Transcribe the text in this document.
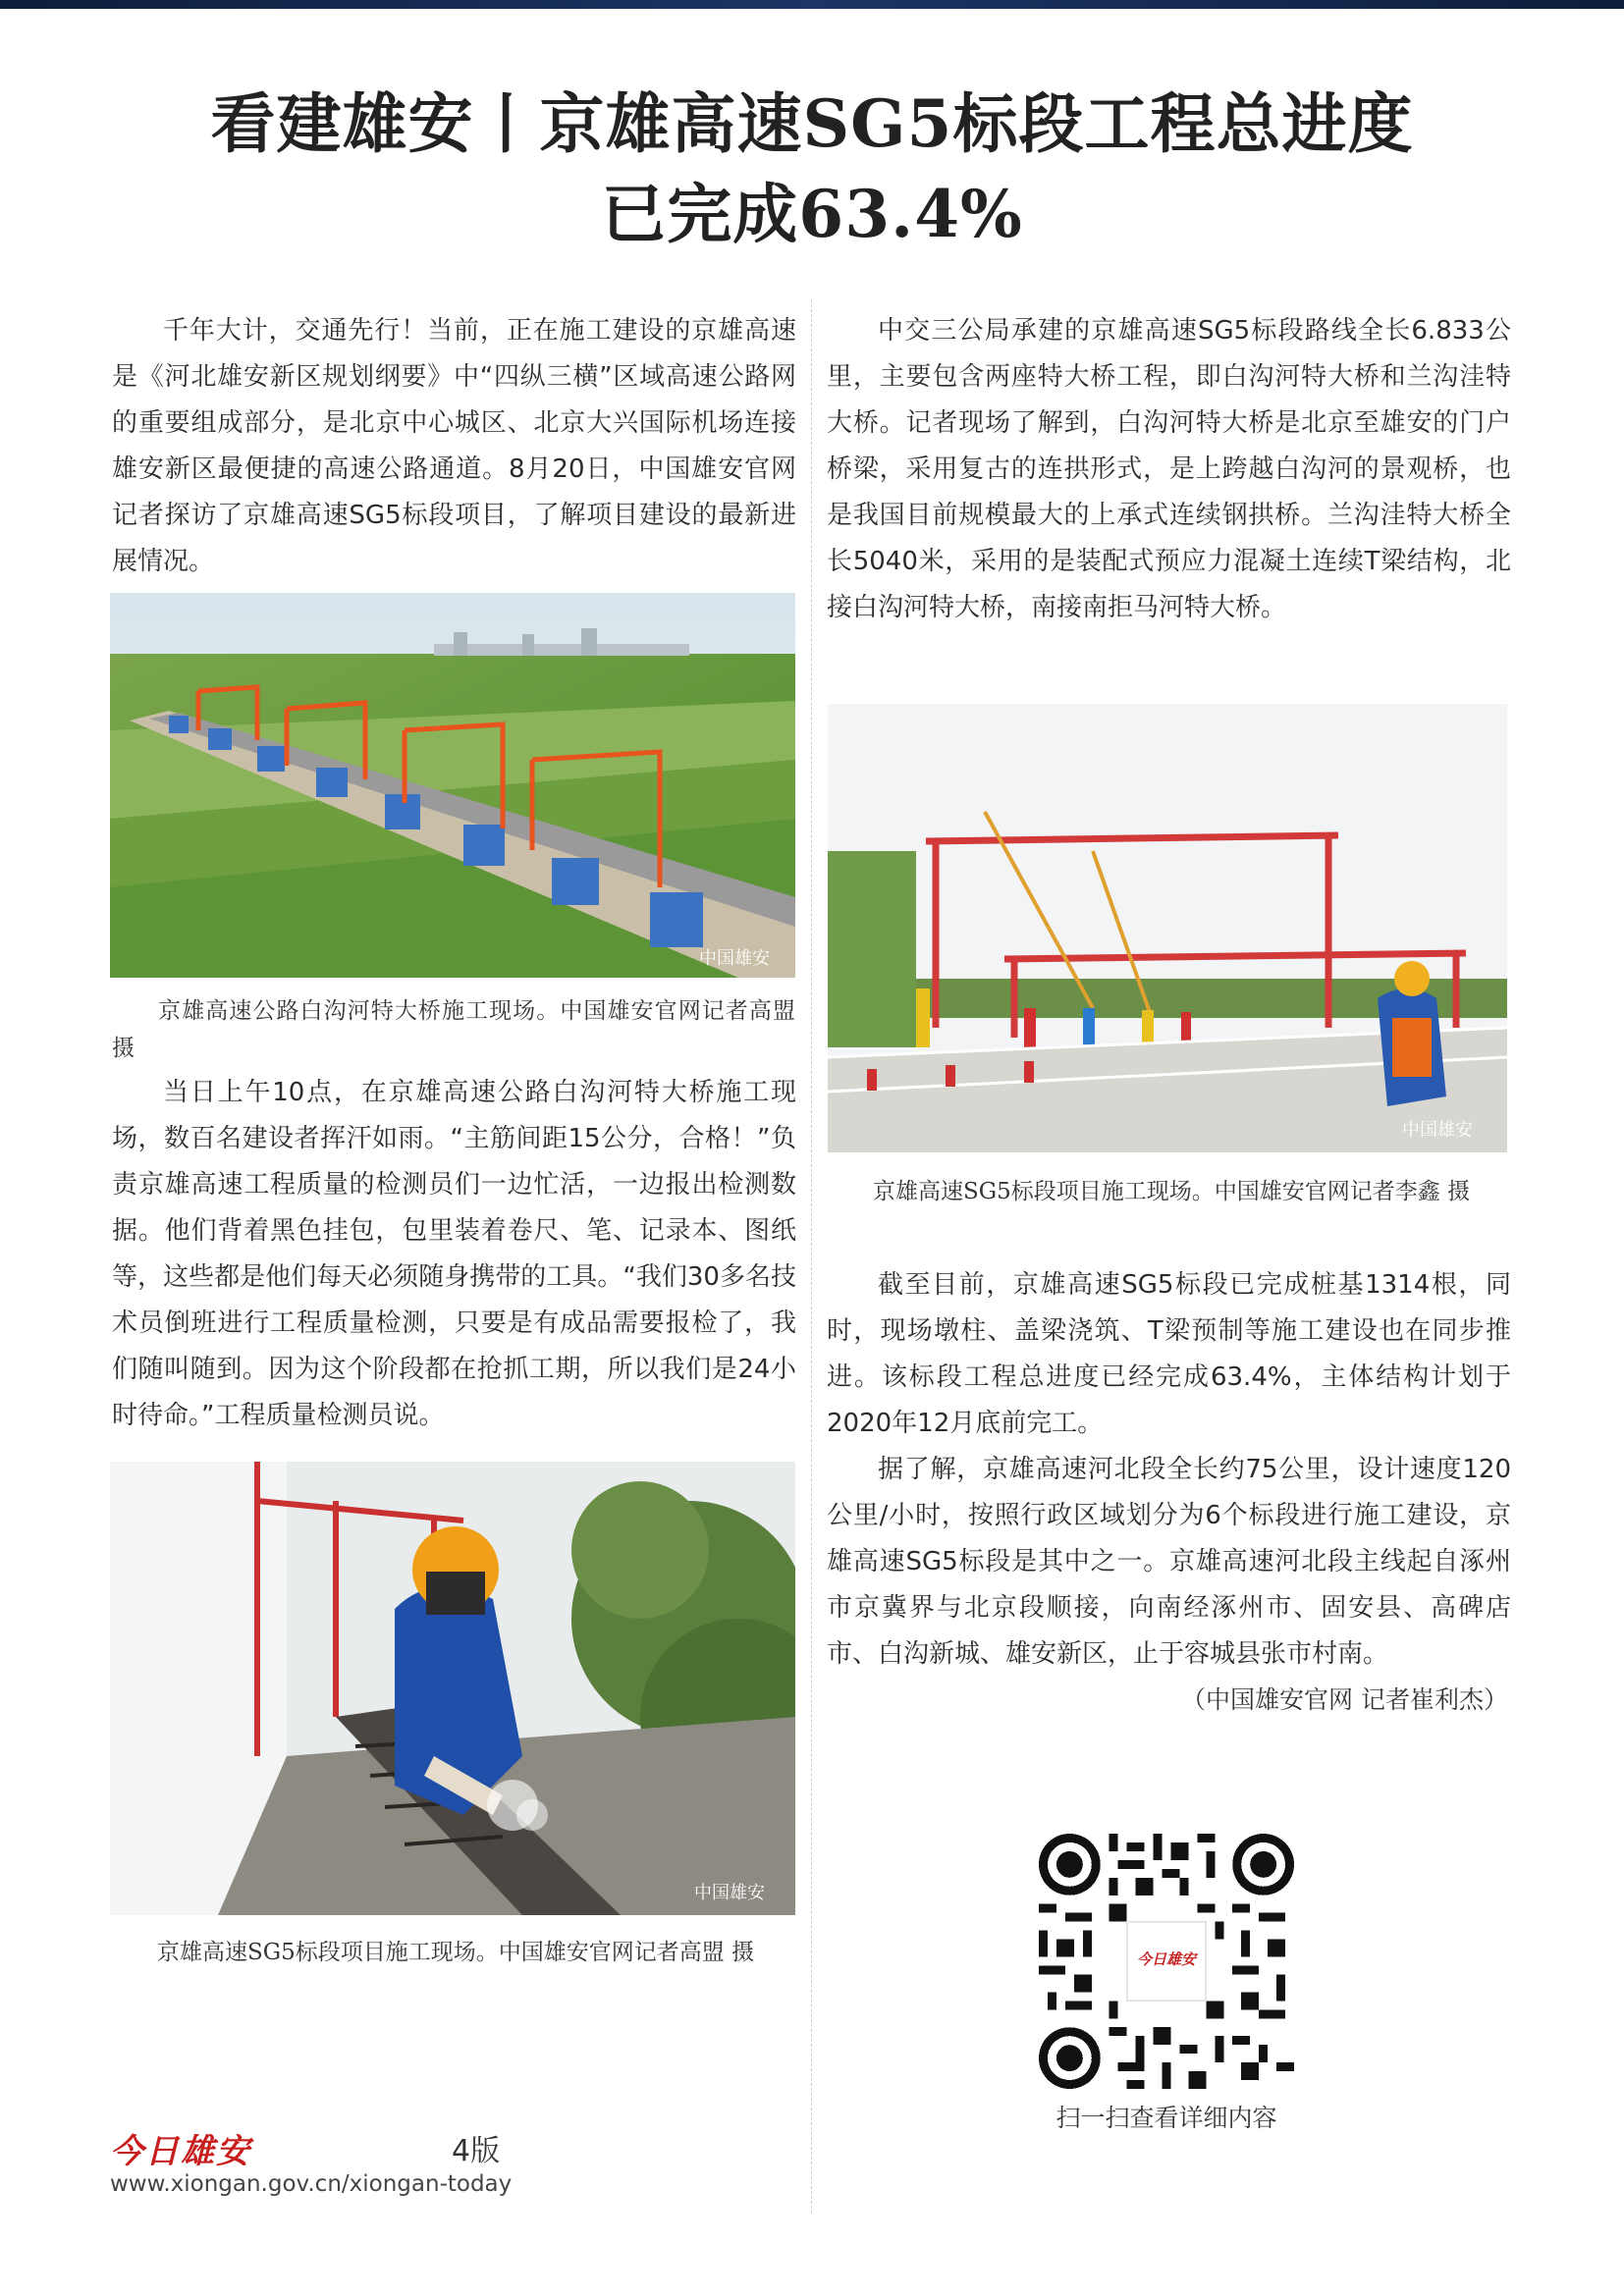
看建雄安丨京雄高速SG5标段工程总进度
已完成63.4%

千年大计，交通先行！当前，正在施工建设的京雄高速是《河北雄安新区规划纲要》中“四纵三横”区域高速公路网的重要组成部分，是北京中心城区、北京大兴国际机场连接雄安新区最便捷的高速公路通道。8月20日，中国雄安官网记者探访了京雄高速SG5标段项目，了解项目建设的最新进展情况。

中国雄安
京雄高速公路白沟河特大桥施工现场。中国雄安官网记者高盟 摄

当日上午10点，在京雄高速公路白沟河特大桥施工现场，数百名建设者挥汗如雨。“主筋间距15公分，合格！”负责京雄高速工程质量的检测员们一边忙活，一边报出检测数据。他们背着黑色挂包，包里装着卷尺、笔、记录本、图纸等，这些都是他们每天必须随身携带的工具。“我们30多名技术员倒班进行工程质量检测，只要是有成品需要报检了，我们随叫随到。因为这个阶段都在抢抓工期，所以我们是24小时待命。”工程质量检测员说。

中国雄安
京雄高速SG5标段项目施工现场。中国雄安官网记者高盟 摄

中交三公局承建的京雄高速SG5标段路线全长6.833公里，主要包含两座特大桥工程，即白沟河特大桥和兰沟洼特大桥。记者现场了解到，白沟河特大桥是北京至雄安的门户桥梁，采用复古的连拱形式，是上跨越白沟河的景观桥，也是我国目前规模最大的上承式连续钢拱桥。兰沟洼特大桥全长5040米，采用的是装配式预应力混凝土连续T梁结构，北接白沟河特大桥，南接南拒马河特大桥。

中国雄安
京雄高速SG5标段项目施工现场。中国雄安官网记者李鑫 摄

截至目前，京雄高速SG5标段已完成桩基1314根，同时，现场墩柱、盖梁浇筑、T梁预制等施工建设也在同步推进。该标段工程总进度已经完成63.4%，主体结构计划于2020年12月底前完工。

据了解，京雄高速河北段全长约75公里，设计速度120公里/小时，按照行政区域划分为6个标段进行施工建设，京雄高速SG5标段是其中之一。京雄高速河北段主线起自涿州市京冀界与北京段顺接，向南经涿州市、固安县、高碑店市、白沟新城、雄安新区，止于容城县张市村南。

（中国雄安官网 记者崔利杰）
今日雄安
扫一扫查看详细内容
今日雄安	4版
www.xiongan.gov.cn/xiongan-today
